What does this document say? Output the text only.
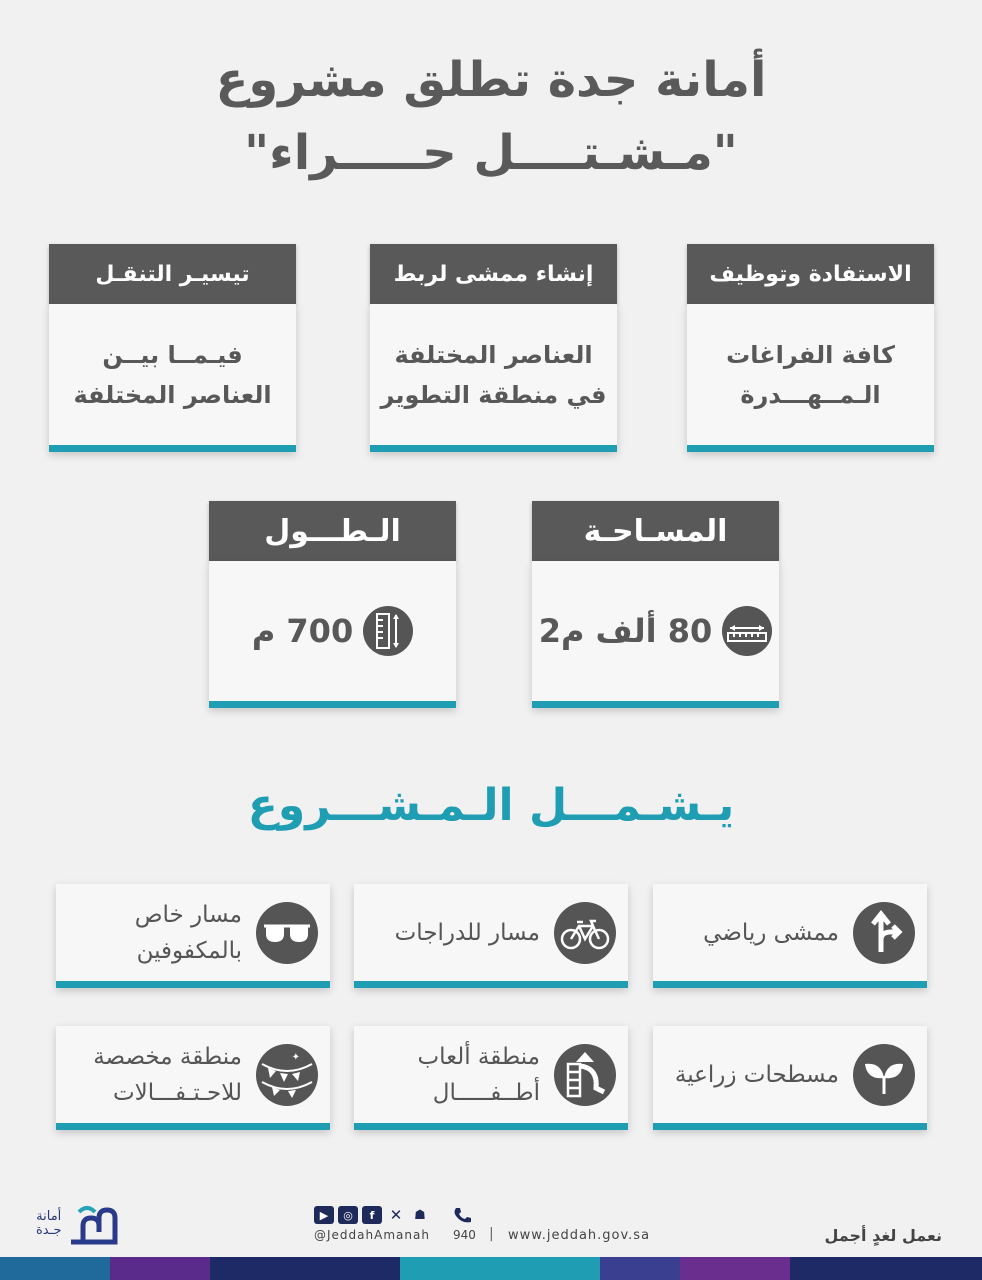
أمانة جدة تطلق مشروع
"مـشـتــــل حـــــراء"
الاستفادة وتوظيف
كافة الفراغات
الـمــهـــدرة
إنشاء ممشى لربط
العناصر المختلفة
في منطقة التطوير
تيسيـر التنقـل
فيـمــا بيــن
العناصر المختلفة
المسـاحـة
80 ألف م2
الـطـــول
700 م
يـشـمـــل الـمـشـــروع
ممشى رياضي
مسار للدراجات
مسار خاص
بالمكفوفين
مسطحات زراعية
منطقة ألعاب
أطــفـــــال
✦
منطقة مخصصة
للاحـتـفـــالات
أمانة
جـدة
▶	◎	f	✕ ☗
@JeddahAmanah 940 | www.jeddah.gov.sa	نعمل لغدٍ أجمل
